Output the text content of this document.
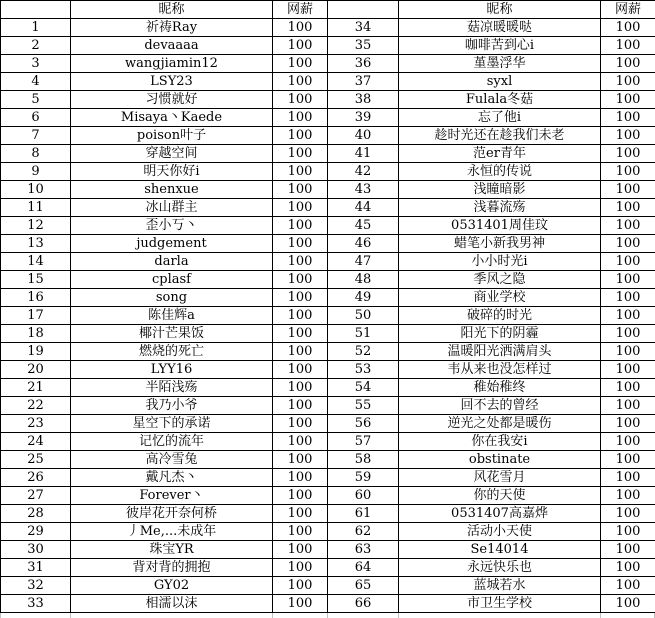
	昵称	网薪		昵称	网薪
1	祈祷Ray	100	34	菇凉暖暖哒	100
2	devaaaa	100	35	咖啡苦到心i	100
3	wangjiamin12	100	36	堇墨浮华	100
4	LSY23	100	37	syxl	100
5	习惯就好	100	38	Fulala冬菇	100
6	Misaya丶Kaede	100	39	忘了他i	100
7	poison叶子	100	40	趁时光还在趁我们未老	100
8	穿越空间	100	41	范er青年	100
9	明天你好i	100	42	永恒的传说	100
10	shenxue	100	43	浅瞳暗影	100
11	冰山群主	100	44	浅暮流殇	100
12	歪小丂丶	100	45	0531401周佳玟	100
13	judgement	100	46	蜡笔小新我男神	100
14	darla	100	47	小小时光i	100
15	cplasf	100	48	季风之隐	100
16	song	100	49	商业学校	100
17	陈佳辉a	100	50	破碎的时光	100
18	椰汁芒果饭	100	51	阳光下的阴霾	100
19	燃烧的死亡	100	52	温暖阳光洒满肩头	100
20	LYY16	100	53	韦从来也没怎样过	100
21	半陌浅殇	100	54	稚始稚终	100
22	我乃小爷	100	55	回不去的曾经	100
23	星空下的承诺	100	56	逆光之处都是暖伤	100
24	记忆的流年	100	57	你在我安i	100
25	高冷雪兔	100	58	obstinate	100
26	戴凡杰丶	100	59	风花雪月	100
27	Forever丶	100	60	你的天使	100
28	彼岸花开奈何桥	100	61	0531407高嘉烨	100
29	丿Me,...未成年	100	62	活动小天使	100
30	珠宝YR	100	63	Se14014	100
31	背对背的拥抱	100	64	永远快乐也	100
32	GY02	100	65	蓝城若水	100
33	相濡以沫	100	66	市卫生学校	100
